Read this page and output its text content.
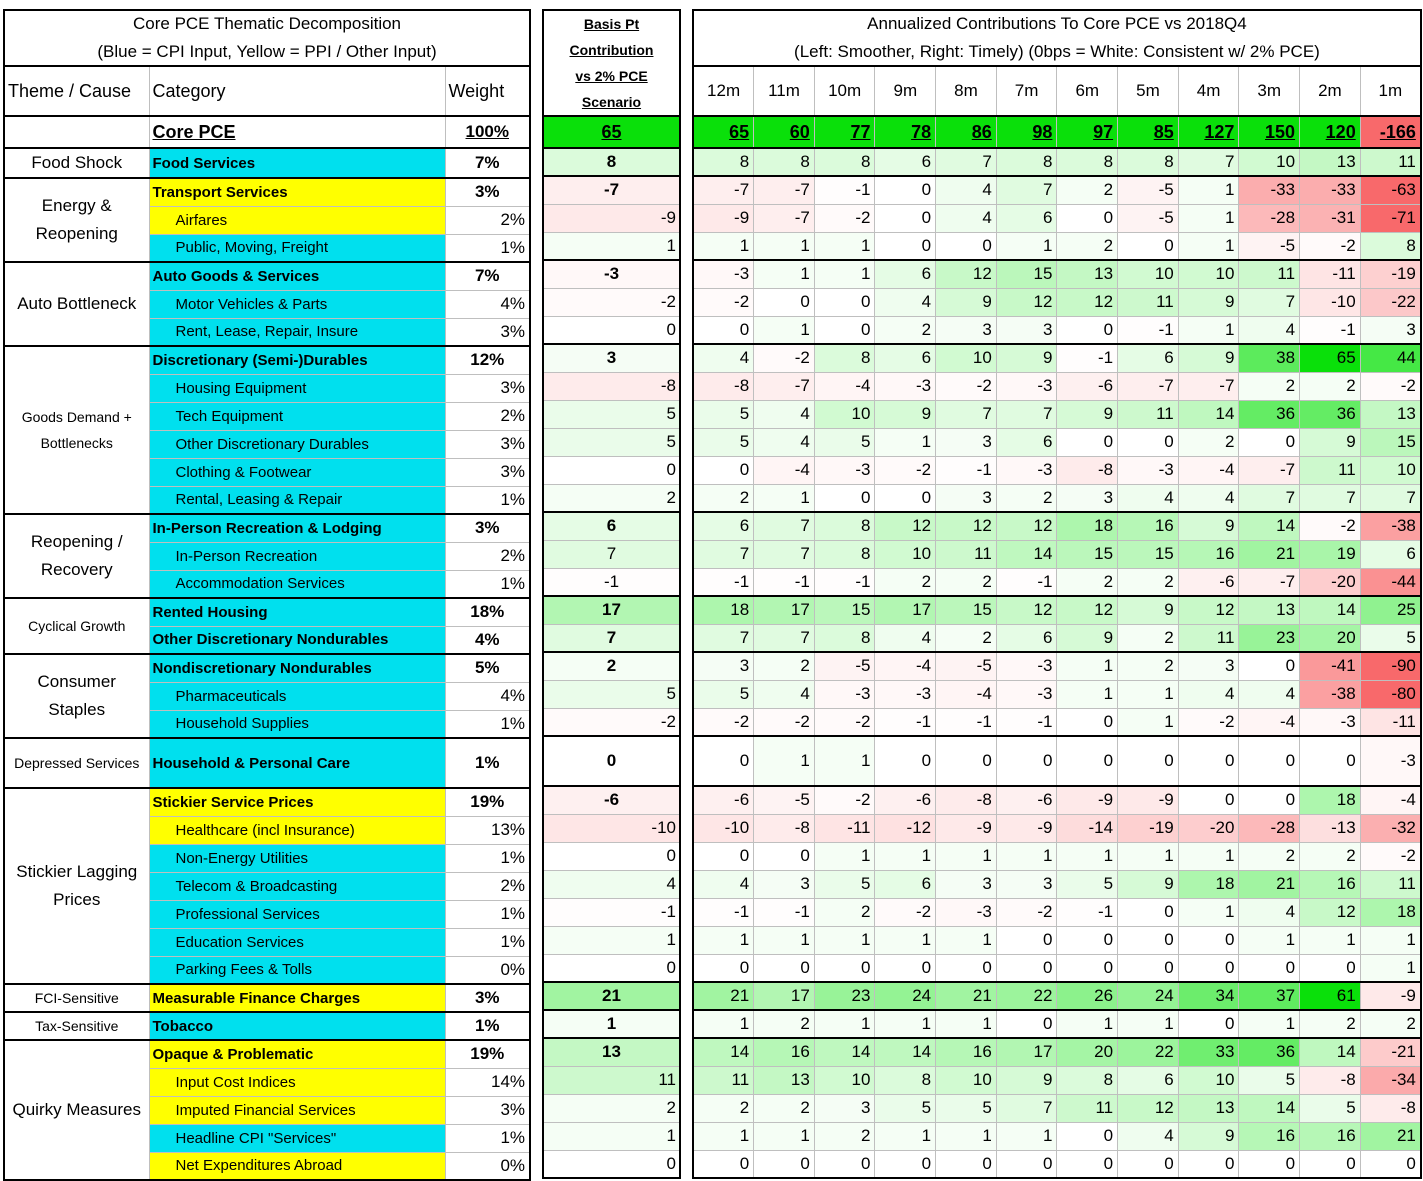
Core PCE Thematic Decomposition		
(Blue = CPI Input, Yellow = PPI / Other Input)		
Theme / Cause	Category	Weight
	Core PCE	100%
Food Shock	Food Services	7%
Energy & Reopening	Transport Services	3%
	Airfares	2%
	Public, Moving, Freight	1%
Auto Bottleneck	Auto Goods & Services	7%
	Motor Vehicles & Parts	4%
	Rent, Lease, Repair, Insure	3%
Goods Demand + Bottlenecks	Discretionary (Semi-)Durables	12%
	Housing Equipment	3%
	Tech Equipment	2%
	Other Discretionary Durables	3%
	Clothing & Footwear	3%
	Rental, Leasing & Repair	1%
Reopening / Recovery	In-Person Recreation & Lodging	3%
	In-Person Recreation	2%
	Accommodation Services	1%
Cyclical Growth	Rented Housing	18%
	Other Discretionary Nondurables	4%
Consumer Staples	Nondiscretionary Nondurables	5%
	Pharmaceuticals	4%
	Household Supplies	1%
Depressed Services	Household & Personal Care	1%
Stickier Lagging Prices	Stickier Service Prices	19%
	Healthcare (incl Insurance)	13%
	Non-Energy Utilities	1%
	Telecom & Broadcasting	2%
	Professional Services	1%
	Education Services	1%
	Parking Fees & Tolls	0%
FCI-Sensitive	Measurable Finance Charges	3%
Tax-Sensitive	Tobacco	1%
Quirky Measures	Opaque & Problematic	19%
	Input Cost Indices	14%
	Imputed Financial Services	3%
	Headline CPI "Services"	1%
	Net Expenditures Abroad	0%
Basis Pt
Contribution
vs 2% PCE
Scenario

65
8
-7
-9
1
-3
-2
0
3
-8
5
5
0
2
6
7
-1
17
7
2
5
-2
0
-6
-10
0
4
-1
1
0
21
1
13
11
2
1
0
Annualized Contributions To Core PCE vs 2018Q4											
(Left: Smoother, Right: Timely) (0bps = White: Consistent w/ 2% PCE)											
12m	11m	10m	9m	8m	7m	6m	5m	4m	3m	2m	1m
65	60	77	78	86	98	97	85	127	150	120	-166
8	8	8	6	7	8	8	8	7	10	13	11
-7	-7	-1	0	4	7	2	-5	1	-33	-33	-63
-9	-7	-2	0	4	6	0	-5	1	-28	-31	-71
1	1	1	0	0	1	2	0	1	-5	-2	8
-3	1	1	6	12	15	13	10	10	11	-11	-19
-2	0	0	4	9	12	12	11	9	7	-10	-22
0	1	0	2	3	3	0	-1	1	4	-1	3
4	-2	8	6	10	9	-1	6	9	38	65	44
-8	-7	-4	-3	-2	-3	-6	-7	-7	2	2	-2
5	4	10	9	7	7	9	11	14	36	36	13
5	4	5	1	3	6	0	0	2	0	9	15
0	-4	-3	-2	-1	-3	-8	-3	-4	-7	11	10
2	1	0	0	3	2	3	4	4	7	7	7
6	7	8	12	12	12	18	16	9	14	-2	-38
7	7	8	10	11	14	15	15	16	21	19	6
-1	-1	-1	2	2	-1	2	2	-6	-7	-20	-44
18	17	15	17	15	12	12	9	12	13	14	25
7	7	8	4	2	6	9	2	11	23	20	5
3	2	-5	-4	-5	-3	1	2	3	0	-41	-90
5	4	-3	-3	-4	-3	1	1	4	4	-38	-80
-2	-2	-2	-1	-1	-1	0	1	-2	-4	-3	-11
0	1	1	0	0	0	0	0	0	0	0	-3
-6	-5	-2	-6	-8	-6	-9	-9	0	0	18	-4
-10	-8	-11	-12	-9	-9	-14	-19	-20	-28	-13	-32
0	0	1	1	1	1	1	1	1	2	2	-2
4	3	5	6	3	3	5	9	18	21	16	11
-1	-1	2	-2	-3	-2	-1	0	1	4	12	18
1	1	1	1	1	0	0	0	0	1	1	1
0	0	0	0	0	0	0	0	0	0	0	1
21	17	23	24	21	22	26	24	34	37	61	-9
1	2	1	1	1	0	1	1	0	1	2	2
14	16	14	14	16	17	20	22	33	36	14	-21
11	13	10	8	10	9	8	6	10	5	-8	-34
2	2	3	5	5	7	11	12	13	14	5	-8
1	1	2	1	1	1	0	4	9	16	16	21
0	0	0	0	0	0	0	0	0	0	0	0
